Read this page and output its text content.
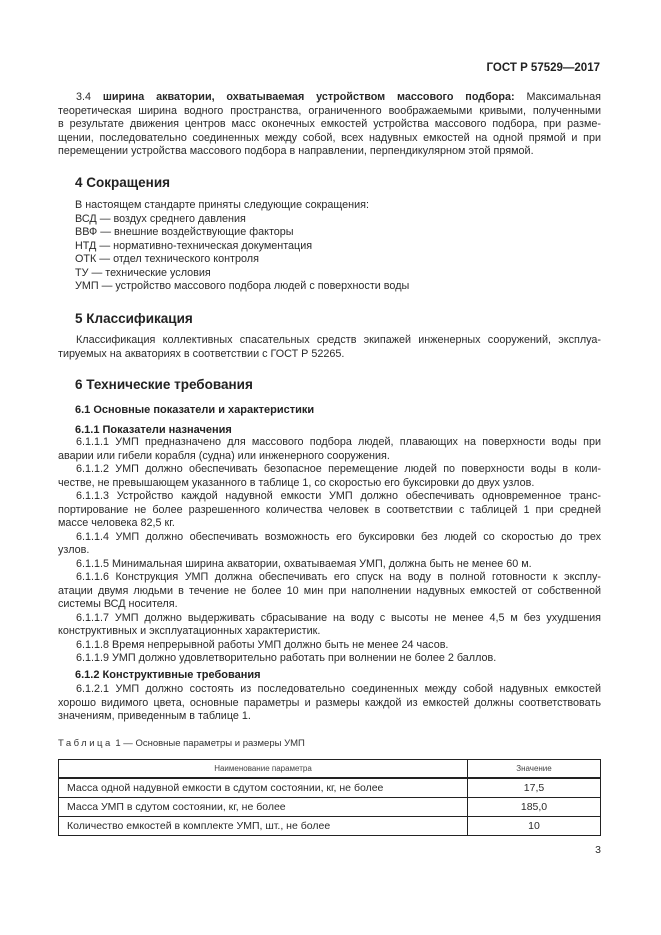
ГОСТ Р 57529—2017
3.4 ширина акватории, охватываемая устройством массового подбора: Максимальная
теоретическая ширина водного пространства, ограниченного воображаемыми кривыми, полученными
в результате движения центров масс оконечных емкостей устройства массового подбора, при разме-
щении, последовательно соединенных между собой, всех надувных емкостей на одной прямой и при
перемещении устройства массового подбора в направлении, перпендикулярном этой прямой.
4 Сокращения
В настоящем стандарте приняты следующие сокращения:
ВСД — воздух среднего давления
ВВФ — внешние воздействующие факторы
НТД — нормативно-техническая документация
ОТК — отдел технического контроля
ТУ — технические условия
УМП — устройство массового подбора людей с поверхности воды
5 Классификация
Классификация коллективных спасательных средств экипажей инженерных сооружений, эксплуа-
тируемых на акваториях в соответствии с ГОСТ Р 52265.
6 Технические требования
6.1 Основные показатели и характеристики
6.1.1 Показатели назначения
6.1.1.1 УМП предназначено для массового подбора людей, плавающих на поверхности воды при
аварии или гибели корабля (судна) или инженерного сооружения.
6.1.1.2 УМП должно обеспечивать безопасное перемещение людей по поверхности воды в коли-
честве, не превышающем указанного в таблице 1, со скоростью его буксировки до двух узлов.
6.1.1.3 Устройство каждой надувной емкости УМП должно обеспечивать одновременное транс-
портирование не более разрешенного количества человек в соответствии с таблицей 1 при средней
массе человека 82,5 кг.
6.1.1.4 УМП должно обеспечивать возможность его буксировки без людей со скоростью до трех
узлов.
6.1.1.5 Минимальная ширина акватории, охватываемая УМП, должна быть не менее 60 м.
6.1.1.6 Конструкция УМП должна обеспечивать его спуск на воду в полной готовности к эксплу-
атации двумя людьми в течение не более 10 мин при наполнении надувных емкостей от собственной
системы ВСД носителя.
6.1.1.7 УМП должно выдерживать сбрасывание на воду с высоты не менее 4,5 м без ухудшения
конструктивных и эксплуатационных характеристик.
6.1.1.8 Время непрерывной работы УМП должно быть не менее 24 часов.
6.1.1.9 УМП должно удовлетворительно работать при волнении не более 2 баллов.
6.1.2 Конструктивные требования
6.1.2.1 УМП должно состоять из последовательно соединенных между собой надувных емкостей
хорошо видимого цвета, основные параметры и размеры каждой из емкостей должны соответствовать
значениям, приведенным в таблице 1.
Таблица 1 — Основные параметры и размеры УМП
Наименование параметра	Значение
Масса одной надувной емкости в сдутом состоянии, кг, не более	17,5
Масса УМП в сдутом состоянии, кг, не более	185,0
Количество емкостей в комплекте УМП, шт., не более	10
3
